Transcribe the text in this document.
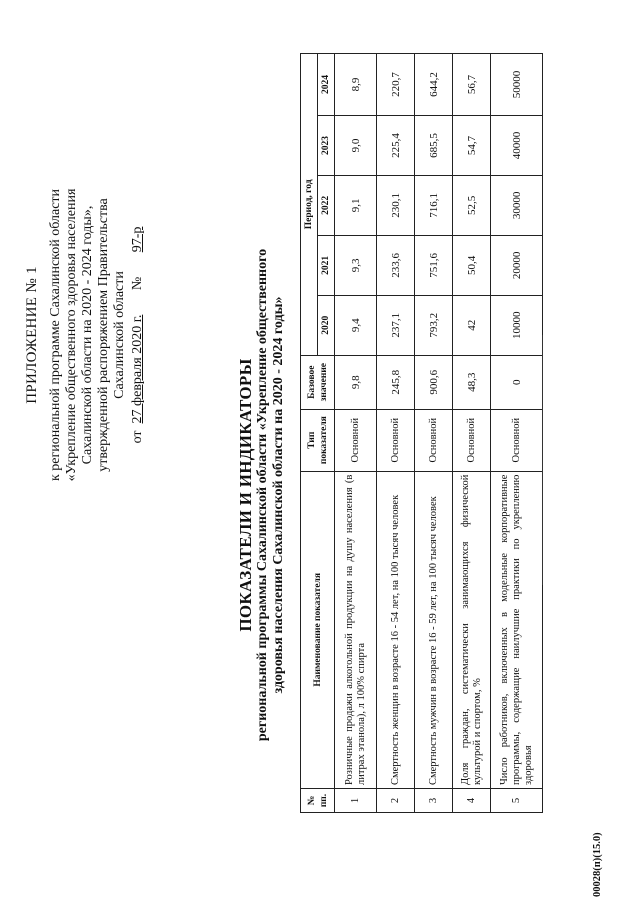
ПРИЛОЖЕНИЕ № 1 к региональной программе Сахалинской области «Укрепление общественного здоровья населения Сахалинской области на 2020 - 2024 годы», утвержденной распоряжением Правительства Сахалинской области
от  27 февраля 2020 г.       №       97-р
ПОКАЗАТЕЛИ И ИНДИКАТОРЫ региональной программы Сахалинской области «Укрепление общественного здоровья населения Сахалинской области на 2020 - 2024 годы»
№ пп.	Наименование показателя	Тип показателя	Базовое значение	Период, год				
				2020	2021	2022	2023	2024
1	Розничные продажи алкогольной продукции на душу населения (в литрах этанола), л 100% спирта	Основной	9,8	9,4	9,3	9,1	9,0	8,9
2	Смертность женщин в возрасте 16 - 54 лет, на 100 тысяч человек	Основной	245,8	237,1	233,6	230,1	225,4	220,7
3	Смертность мужчин в возрасте 16 - 59 лет, на 100 тысяч человек	Основной	900,6	793,2	751,6	716,1	685,5	644,2
4	Доля граждан, систематически занимающихся физической культурой и спортом, %	Основной	48,3	42	50,4	52,5	54,7	56,7
5	Число работников, включенных в модельные корпоративные программы, содержащие наилучшие практики по укреплению здоровья	Основной	0	10000	20000	30000	40000	50000
00028(п)(15.0)
